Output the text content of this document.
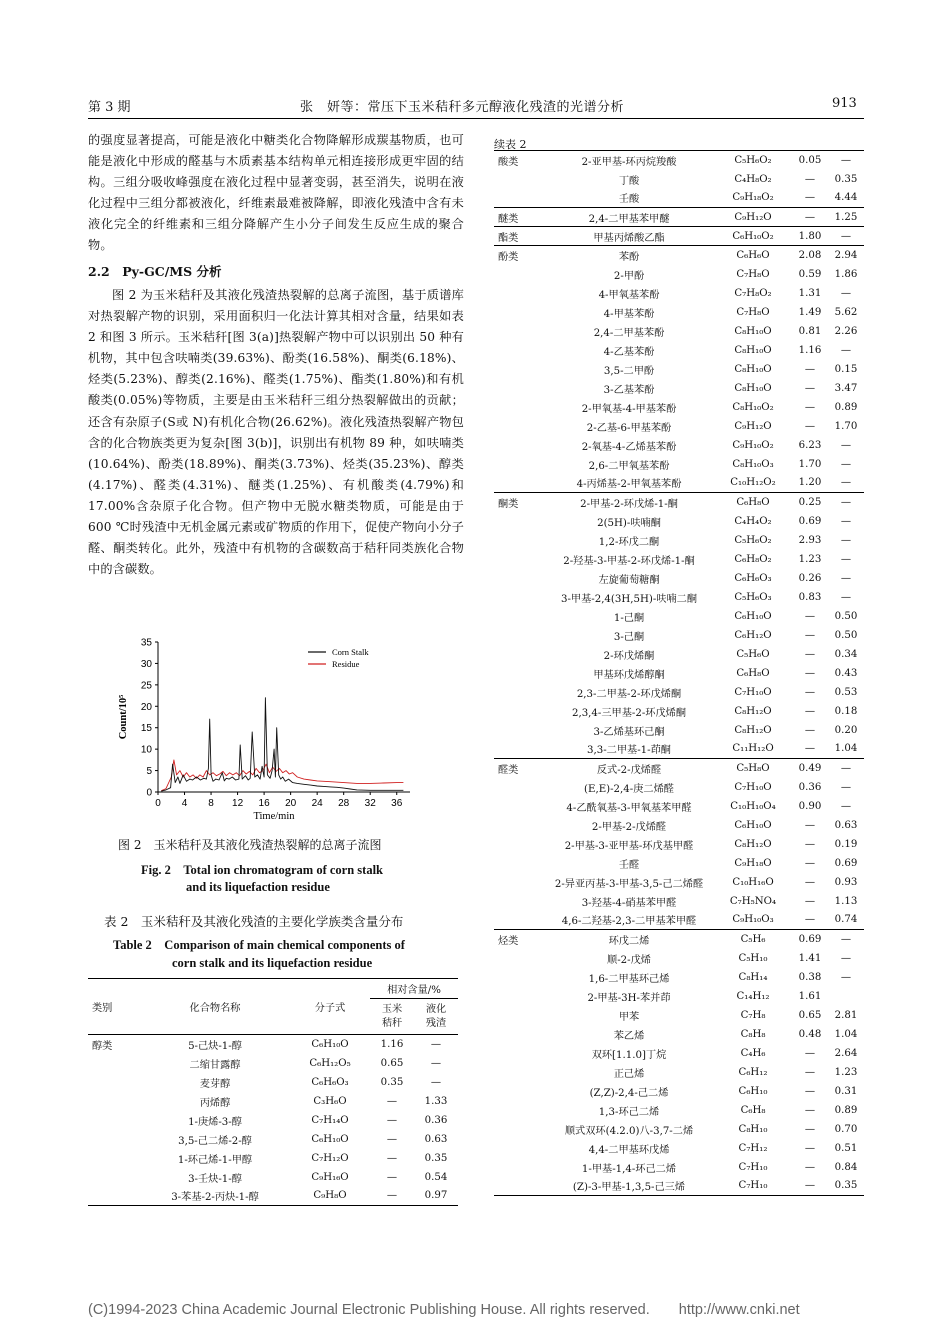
第 3 期	张　妍等：常压下玉米秸秆多元醇液化残渣的光谱分析	913

的强度显著提高，可能是液化中糖类化合物降解形成羰基物质，也可能是液化中形成的醛基与木质素基本结构单元相连接形成更牢固的结构。三组分吸收峰强度在液化过程中显著变弱，甚至消失，说明在液化过程中三组分都被液化，纤维素最难被降解，即液化残渣中含有未液化完全的纤维素和三组分降解产生小分子间发生反应生成的聚合物。

2.2　Py-GC/MS 分析

图 2 为玉米秸秆及其液化残渣热裂解的总离子流图，基于质谱库对热裂解产物的识别，采用面积归一化法计算其相对含量，结果如表 2 和图 3 所示。玉米秸秆[图 3(a)]热裂解产物中可以识别出 50 种有机物，其中包含呋喃类(39.63%)、酚类(16.58%)、酮类(6.18%)、烃类(5.23%)、醇类(2.16%)、醛类(1.75%)、酯类(1.80%)和有机酸类(0.05%)等物质，主要是由玉米秸秆三组分热裂解做出的贡献；还含有杂原子(S或 N)有机化合物(26.62%)。液化残渣热裂解产物包含的化合物族类更为复杂[图 3(b)]，识别出有机物 89 种，如呋喃类(10.64%)、酚类(18.89%)、酮类(3.73%)、烃类(35.23%)、醇类(4.17%)、醛类(4.31%)、醚类(1.25%)、有机酸类(4.79%)和 17.00%含杂原子化合物。但产物中无脱水糖类物质，可能是由于 600 ℃时残渣中无机金属元素或矿物质的作用下，促使产物向小分子醛、酮类转化。此外，残渣中有机物的含碳数高于秸秆同类族化合物中的含碳数。

0
5
10
15
20
25
30
35
0 4 8 12 16 20 24 28 32 36
Time/min
Count/10⁵
Corn Stalk
Residue
图 2　玉米秸秆及其液化残渣热裂解的总离子流图
Fig. 2　Total ion chromatogram of corn stalk
and its liquefaction residue
表 2　玉米秸秆及其液化残渣的主要化学族类含量分布
Table 2　Comparison of main chemical components of
corn stalk and its liquefaction residue
类别	化合物名称	分子式	相对含量/%	

			玉米秸秆	液化残渣

醇类	5-己炔-1-醇	C₆H₁₀O	1.16	—
	二缩甘露醇	C₆H₁₂O₅	0.65	—
	麦芽醇	C₆H₆O₃	0.35	—
	丙烯醇	C₃H₆O	—	1.33
	1-庚烯-3-醇	C₇H₁₄O	—	0.36
	3,5-己二烯-2-醇	C₆H₁₀O	—	0.63
	1-环己烯-1-甲醇	C₇H₁₂O	—	0.35
	3-壬炔-1-醇	C₉H₁₆O	—	0.54
	3-苯基-2-丙炔-1-醇	C₉H₈O	—	0.97
续表 2
酸类	2-亚甲基-环丙烷羧酸	C₅H₆O₂	0.05	—
	丁酸	C₄H₈O₂	—	0.35
	壬酸	C₉H₁₈O₂	—	4.44
醚类	2,4-二甲基苯甲醚	C₉H₁₂O	—	1.25
酯类	甲基丙烯酸乙酯	C₆H₁₀O₂	1.80	—
酚类	苯酚	C₆H₆O	2.08	2.94
	2-甲酚	C₇H₈O	0.59	1.86
	4-甲氧基苯酚	C₇H₈O₂	1.31	—
	4-甲基苯酚	C₇H₈O	1.49	5.62
	2,4-二甲基苯酚	C₈H₁₀O	0.81	2.26
	4-乙基苯酚	C₈H₁₀O	1.16	—
	3,5-二甲酚	C₈H₁₀O	—	0.15
	3-乙基苯酚	C₈H₁₀O	—	3.47
	2-甲氧基-4-甲基苯酚	C₈H₁₀O₂	—	0.89
	2-乙基-6-甲基苯酚	C₉H₁₂O	—	1.70
	2-氧基-4-乙烯基苯酚	C₉H₁₀O₂	6.23	—
	2,6-二甲氧基苯酚	C₈H₁₀O₃	1.70	—
	4-丙烯基-2-甲氧基苯酚	C₁₀H₁₂O₂	1.20	—
酮类	2-甲基-2-环戊烯-1-酮	C₆H₈O	0.25	—
	2(5H)-呋喃酮	C₄H₄O₂	0.69	—
	1,2-环戊二酮	C₅H₆O₂	2.93	—
	2-羟基-3-甲基-2-环戊烯-1-酮	C₆H₈O₂	1.23	—
	左旋葡萄糖酮	C₆H₆O₃	0.26	—
	3-甲基-2,4(3H,5H)-呋喃二酮	C₅H₆O₃	0.83	—
	1-己酮	C₆H₁₀O	—	0.50
	3-己酮	C₆H₁₂O	—	0.50
	2-环戊烯酮	C₅H₆O	—	0.34
	甲基环戊烯醇酮	C₆H₈O	—	0.43
	2,3-二甲基-2-环戊烯酮	C₇H₁₀O	—	0.53
	2,3,4-三甲基-2-环戊烯酮	C₈H₁₂O	—	0.18
	3-乙烯基环己酮	C₈H₁₂O	—	0.20
	3,3-二甲基-1-茚酮	C₁₁H₁₂O	—	1.04
醛类	反式-2-戊烯醛	C₅H₈O	0.49	—
	(E,E)-2,4-庚二烯醛	C₇H₁₀O	0.36	—
	4-乙酰氧基-3-甲氧基苯甲醛	C₁₀H₁₀O₄	0.90	—
	2-甲基-2-戊烯醛	C₆H₁₀O	—	0.63
	2-甲基-3-亚甲基-环戊基甲醛	C₈H₁₂O	—	0.19
	壬醛	C₉H₁₈O	—	0.69
	2-异亚丙基-3-甲基-3,5-己二烯醛	C₁₀H₁₆O	—	0.93
	3-羟基-4-硝基苯甲醛	C₇H₅NO₄	—	1.13
	4,6-二羟基-2,3-二甲基苯甲醛	C₉H₁₀O₃	—	0.74
烃类	环戊二烯	C₅H₆	0.69	—
	顺-2-戊烯	C₅H₁₀	1.41	—
	1,6-二甲基环己烯	C₈H₁₄	0.38	—
	2-甲基-3H-苯并茚	C₁₄H₁₂	1.61	
	甲苯	C₇H₈	0.65	2.81
	苯乙烯	C₈H₈	0.48	1.04
	双环[1.1.0]丁烷	C₄H₆	—	2.64
	正己烯	C₆H₁₂	—	1.23
	(Z,Z)-2,4-己二烯	C₆H₁₀	—	0.31
	1,3-环己二烯	C₆H₈	—	0.89
	顺式双环(4.2.0)八-3,7-二烯	C₈H₁₀	—	0.70
	4,4-二甲基环戊烯	C₇H₁₂	—	0.51
	1-甲基-1,4-环己二烯	C₇H₁₀	—	0.84
	(Z)-3-甲基-1,3,5-己三烯	C₇H₁₀	—	0.35
(C)1994-2023 China Academic Journal Electronic Publishing House. All rights reserved.　　http://www.cnki.net
